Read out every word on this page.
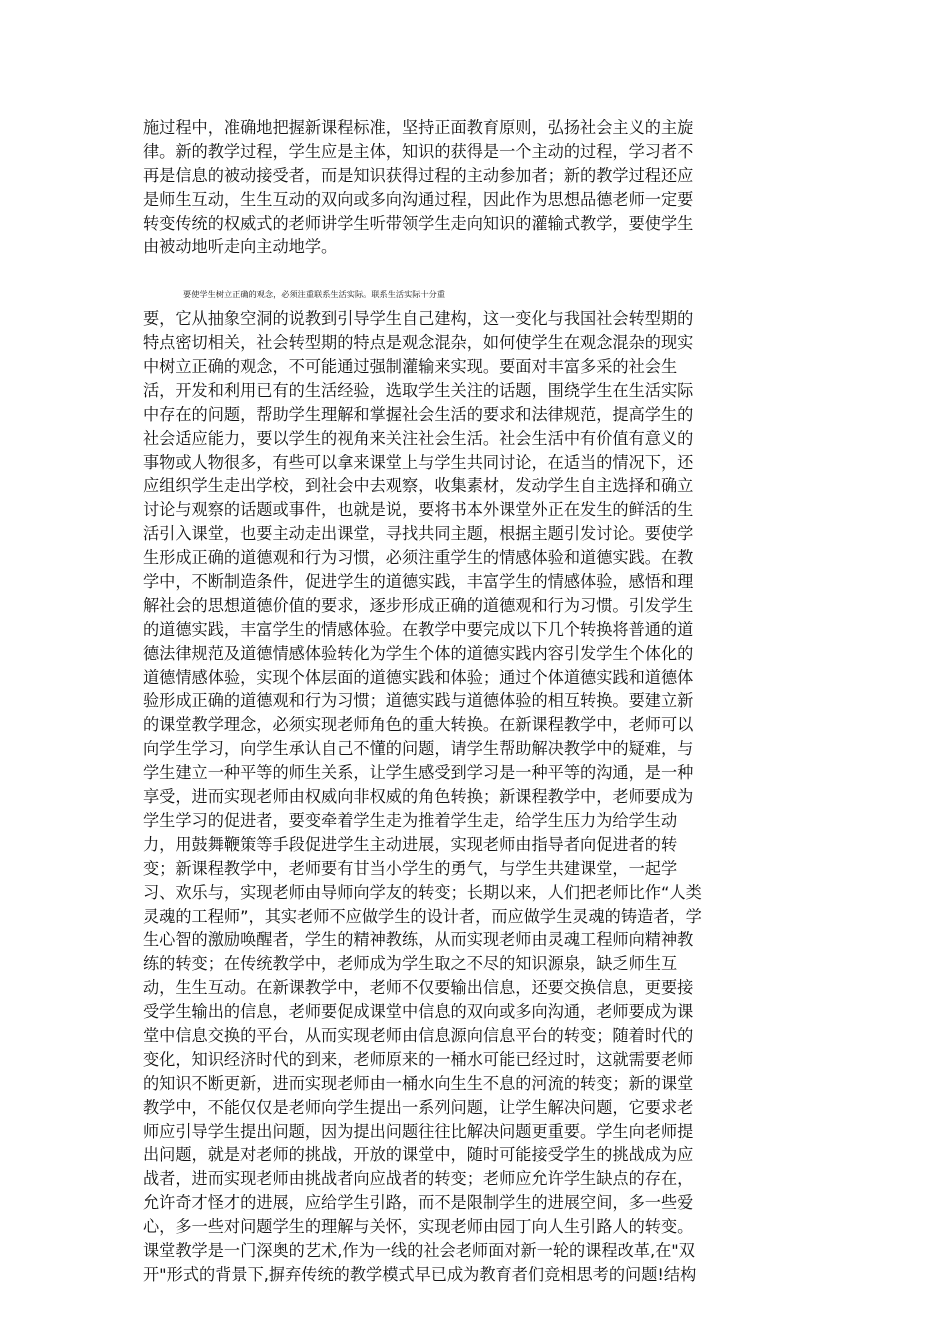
施过程中，准确地把握新课程标准，坚持正面教育原则，弘扬社会主义的主旋
律。新的教学过程，学生应是主体，知识的获得是一个主动的过程，学习者不
再是信息的被动接受者，而是知识获得过程的主动参加者；新的教学过程还应
是师生互动，生生互动的双向或多向沟通过程，因此作为思想品德老师一定要
转变传统的权威式的老师讲学生听带领学生走向知识的灌输式教学，要使学生
由被动地听走向主动地学。
要使学生树立正确的观念，必须注重联系生活实际。联系生活实际十分重
要，它从抽象空洞的说教到引导学生自己建构，这一变化与我国社会转型期的
特点密切相关，社会转型期的特点是观念混杂，如何使学生在观念混杂的现实
中树立正确的观念，不可能通过强制灌输来实现。要面对丰富多采的社会生
活，开发和利用已有的生活经验，选取学生关注的话题，围绕学生在生活实际
中存在的问题，帮助学生理解和掌握社会生活的要求和法律规范，提高学生的
社会适应能力，要以学生的视角来关注社会生活。社会生活中有价值有意义的
事物或人物很多，有些可以拿来课堂上与学生共同讨论，在适当的情况下，还
应组织学生走出学校，到社会中去观察，收集素材，发动学生自主选择和确立
讨论与观察的话题或事件，也就是说，要将书本外课堂外正在发生的鲜活的生
活引入课堂，也要主动走出课堂，寻找共同主题，根据主题引发讨论。要使学
生形成正确的道德观和行为习惯，必须注重学生的情感体验和道德实践。在教
学中，不断制造条件，促进学生的道德实践，丰富学生的情感体验，感悟和理
解社会的思想道德价值的要求，逐步形成正确的道德观和行为习惯。引发学生
的道德实践，丰富学生的情感体验。在教学中要完成以下几个转换将普通的道
德法律规范及道德情感体验转化为学生个体的道德实践内容引发学生个体化的
道德情感体验，实现个体层面的道德实践和体验；通过个体道德实践和道德体
验形成正确的道德观和行为习惯；道德实践与道德体验的相互转换。要建立新
的课堂教学理念，必须实现老师角色的重大转换。在新课程教学中，老师可以
向学生学习，向学生承认自己不懂的问题，请学生帮助解决教学中的疑难，与
学生建立一种平等的师生关系，让学生感受到学习是一种平等的沟通，是一种
享受，进而实现老师由权威向非权威的角色转换；新课程教学中，老师要成为
学生学习的促进者，要变牵着学生走为推着学生走，给学生压力为给学生动
力，用鼓舞鞭策等手段促进学生主动进展，实现老师由指导者向促进者的转
变；新课程教学中，老师要有甘当小学生的勇气，与学生共建课堂，一起学
习、欢乐与，实现老师由导师向学友的转变；长期以来，人们把老师比作“人类
灵魂的工程师”，其实老师不应做学生的设计者，而应做学生灵魂的铸造者，学
生心智的激励唤醒者，学生的精神教练，从而实现老师由灵魂工程师向精神教
练的转变；在传统教学中，老师成为学生取之不尽的知识源泉，缺乏师生互
动，生生互动。在新课教学中，老师不仅要输出信息，还要交换信息，更要接
受学生输出的信息，老师要促成课堂中信息的双向或多向沟通，老师要成为课
堂中信息交换的平台，从而实现老师由信息源向信息平台的转变；随着时代的
变化，知识经济时代的到来，老师原来的一桶水可能已经过时，这就需要老师
的知识不断更新，进而实现老师由一桶水向生生不息的河流的转变；新的课堂
教学中，不能仅仅是老师向学生提出一系列问题，让学生解决问题，它要求老
师应引导学生提出问题，因为提出问题往往比解决问题更重要。学生向老师提
出问题，就是对老师的挑战，开放的课堂中，随时可能接受学生的挑战成为应
战者，进而实现老师由挑战者向应战者的转变；老师应允许学生缺点的存在，
允许奇才怪才的进展，应给学生引路，而不是限制学生的进展空间，多一些爱
心，多一些对问题学生的理解与关怀，实现老师由园丁向人生引路人的转变。
课堂教学是一门深奥的艺术,作为一线的社会老师面对新一轮的课程改革,在"双
开"形式的背景下,摒弃传统的教学模式早已成为教育者们竞相思考的问题!结构
